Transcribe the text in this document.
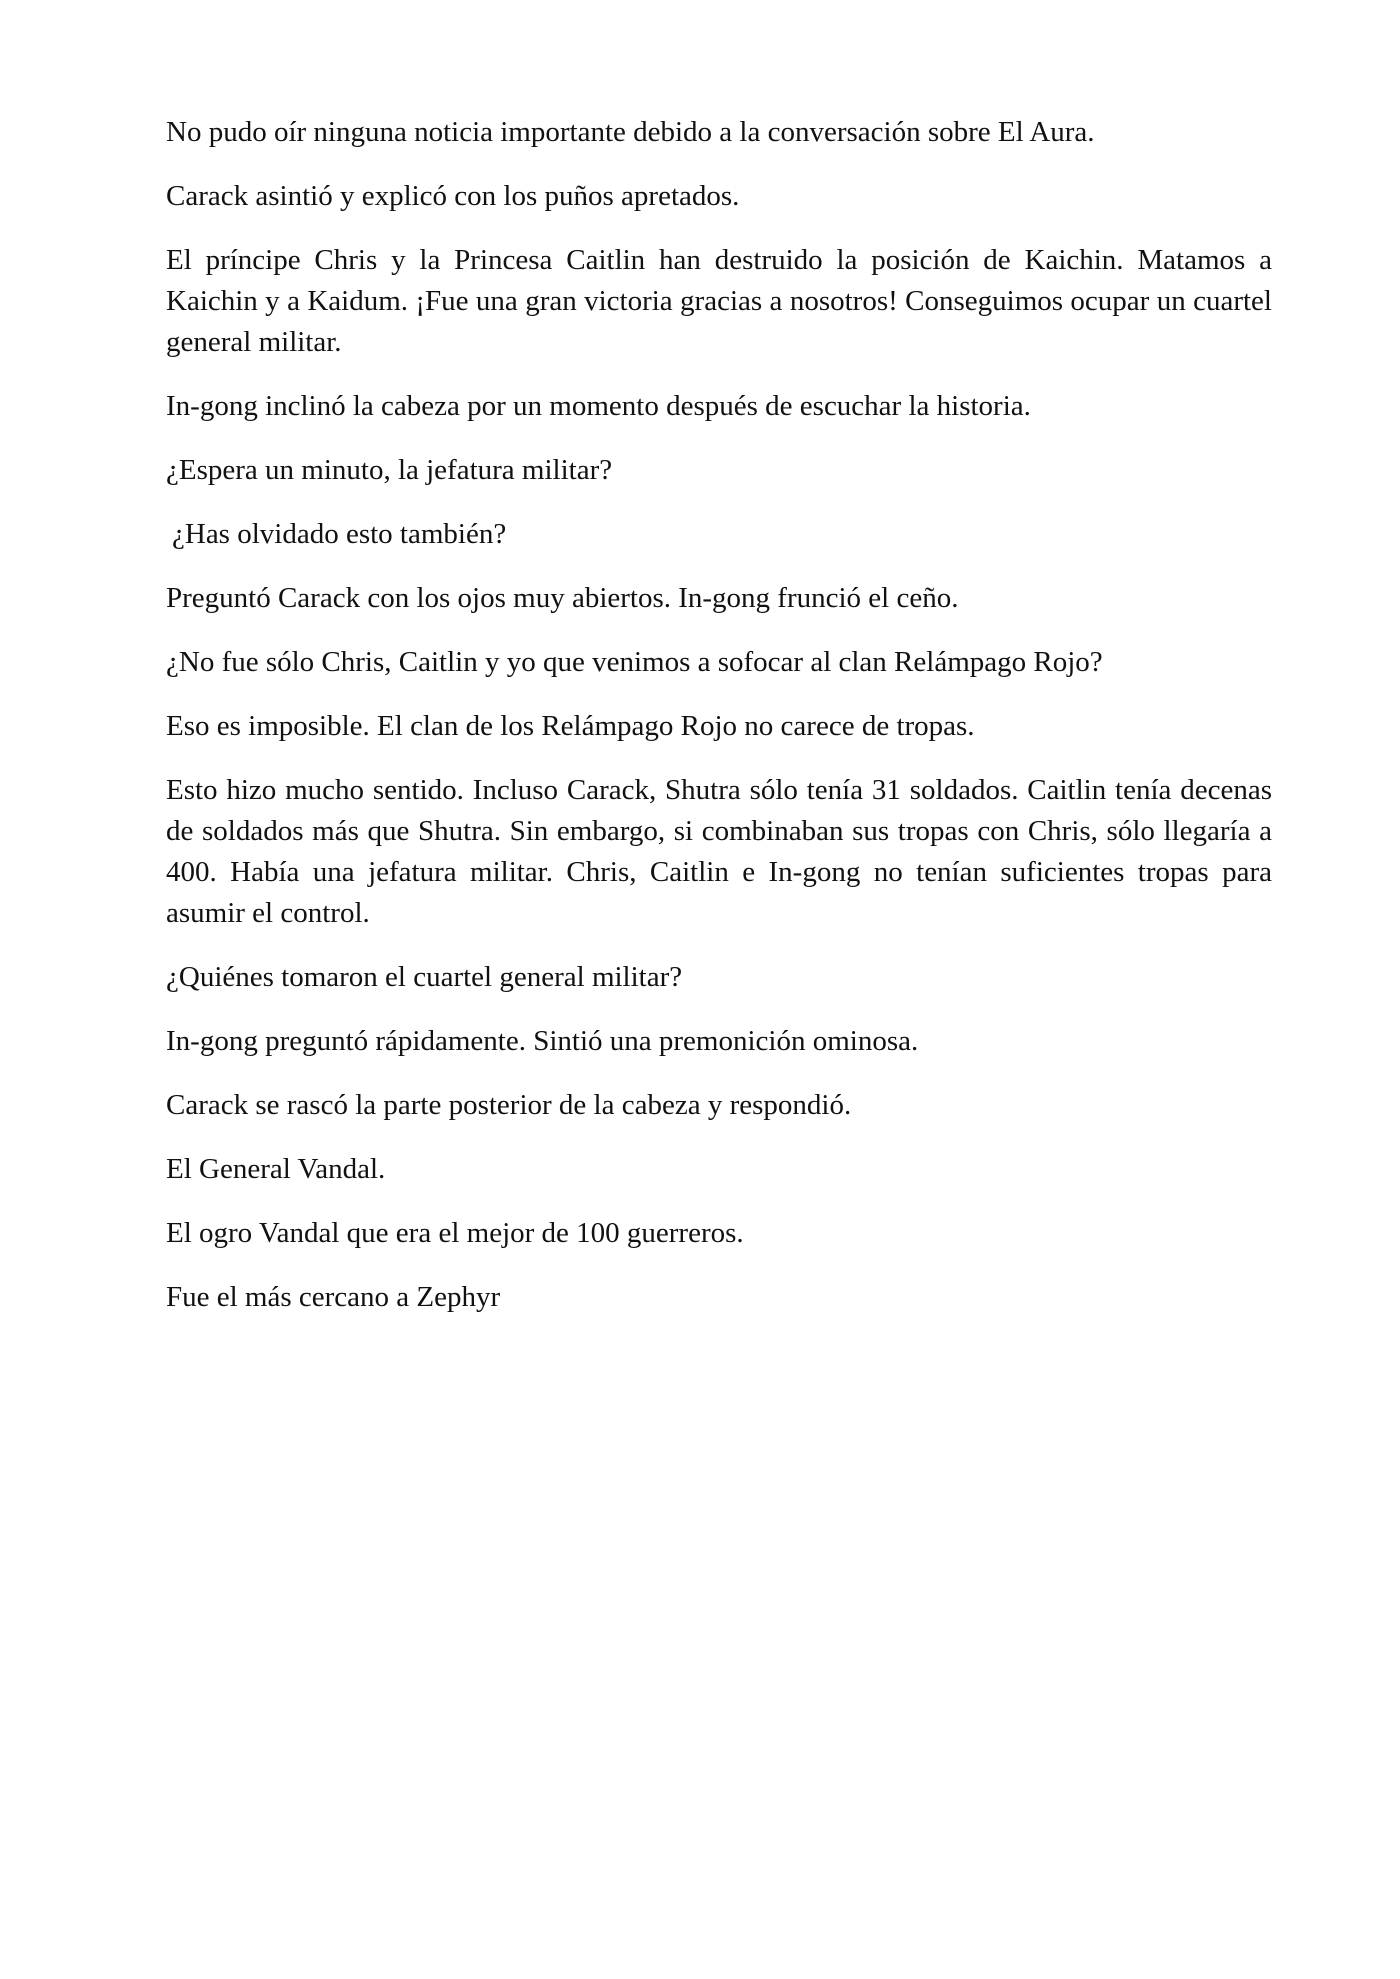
No pudo oír ninguna noticia importante debido a la conversación sobre El Aura.

Carack asintió y explicó con los puños apretados.

El príncipe Chris y la Princesa Caitlin han destruido la posición de Kaichin. Matamos a Kaichin y a Kaidum. ¡Fue una gran victoria gracias a nosotros! Conseguimos ocupar un cuartel general militar.

In-gong inclinó la cabeza por un momento después de escuchar la historia.

¿Espera un minuto, la jefatura militar?

¿Has olvidado esto también?

Preguntó Carack con los ojos muy abiertos. In-gong frunció el ceño.

¿No fue sólo Chris, Caitlin y yo que venimos a sofocar al clan Relámpago Rojo?

Eso es imposible. El clan de los Relámpago Rojo no carece de tropas.

Esto hizo mucho sentido. Incluso Carack, Shutra sólo tenía 31 soldados. Caitlin tenía decenas de soldados más que Shutra. Sin embargo, si combinaban sus tropas con Chris, sólo llegaría a 400. Había una jefatura militar. Chris, Caitlin e In-gong no tenían suficientes tropas para asumir el control.

¿Quiénes tomaron el cuartel general militar?

In-gong preguntó rápidamente. Sintió una premonición ominosa.

Carack se rascó la parte posterior de la cabeza y respondió.

El General Vandal.

El ogro Vandal que era el mejor de 100 guerreros.

Fue el más cercano a Zephyr
